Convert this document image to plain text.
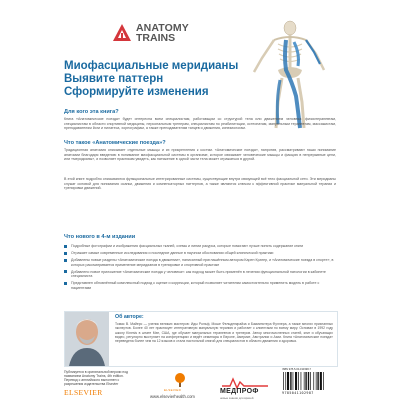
ANATOMY
TRAINS
Миофасциальные меридианы
Выявите паттерн
Сформируйте изменения
Для кого эта книга?
Книга «Анатомические поезда» будет интересна всем специалистам, работающим со структурой тела или движением человека: физиотерапевтам, специалистам в области спортивной медицины, персональным тренерам, специалистам по реабилитации, остеопатам, мануальным терапевтам, массажистам, преподавателям йоги и пилатеса, хореографам, а также преподавателям танцев и движения, кинезиологам.
Что такое «Анатомические поезда»?
Традиционная анатомия описывает отдельные мышцы и их прикрепления к костям. «Анатомические поезда», напротив, рассматривают наши понимание анатомии благодаря введению в понимание миофасциальной системы в организме, которое связывает человеческие мышцы и фасцию в непрерывные цепи, или «меридианы», и позволяет практикам увидеть, как натяжение в одной части тела может отражаться в другой.
В этой книге подробно описываются функциональные интегрированные системы, существующие внутри связующей всё тело фасциальной сети. Эти меридианы служат основой для понимания осанки, движения и компенсаторных паттернов, а также являются ключом к эффективной практике мануальной терапии и тренировки движений.
Что нового в 4-м издании
Подробные фотографии и изображения фасциальных тканей, схемы и линии ракурса, которые помогают лучше понять содержание книги
Отражает самые современные исследования и последние данные в научном обосновании общей клинической практики
Добавлены новые разделы «Анатомические поезда в движении», написанный приглашённым автором Карен Кратер, и «Анатомические поезда в спорте», в которых рассматривается применение меридианов в тренировке и спортивной практике
Добавлено новое приложение «Анатомические поезда у человека»: как подход может быть применён в лечении функциональной патологии в кабинете специалиста
Представлен обновлённый комплексный подход к оценке и коррекции, который позволяет читателям самостоятельно применить модель в работе с пациентами
Об авторе:
Томас В. Майерс — ученик великих мастеров: Иды Рольф, Моше Фельденкрайза и Бакминстера Фуллера, а также многих признанных экспертов. Более 40 лет практикует интегративную мануальную терапию и работает с клиентами по всему миру. Основал в 1992 году школу Kinesis в штате Мэн, США, где обучает мануальных терапевтов и тренеров. Автор многочисленных статей, книг и обучающих видео, регулярно выступает на конференциях и ведёт семинары в Европе, Америке, Австралии и Азии. Книга «Анатомические поезда» переведена более чем на 12 языков и стала настольной книгой для специалистов в области движения и здоровья.
Публикуется в оригинальной версии под названием Anatomy Trains, 4th edition. Перевод с английского выполнен с разрешения издательства Elsevier
ELSEVIER	ELSEVIER
www.elsevierhealth.com
МЕДПРОФ
новые знания для врачей
ISBN 978-5-00-193398-7
9785041102987
